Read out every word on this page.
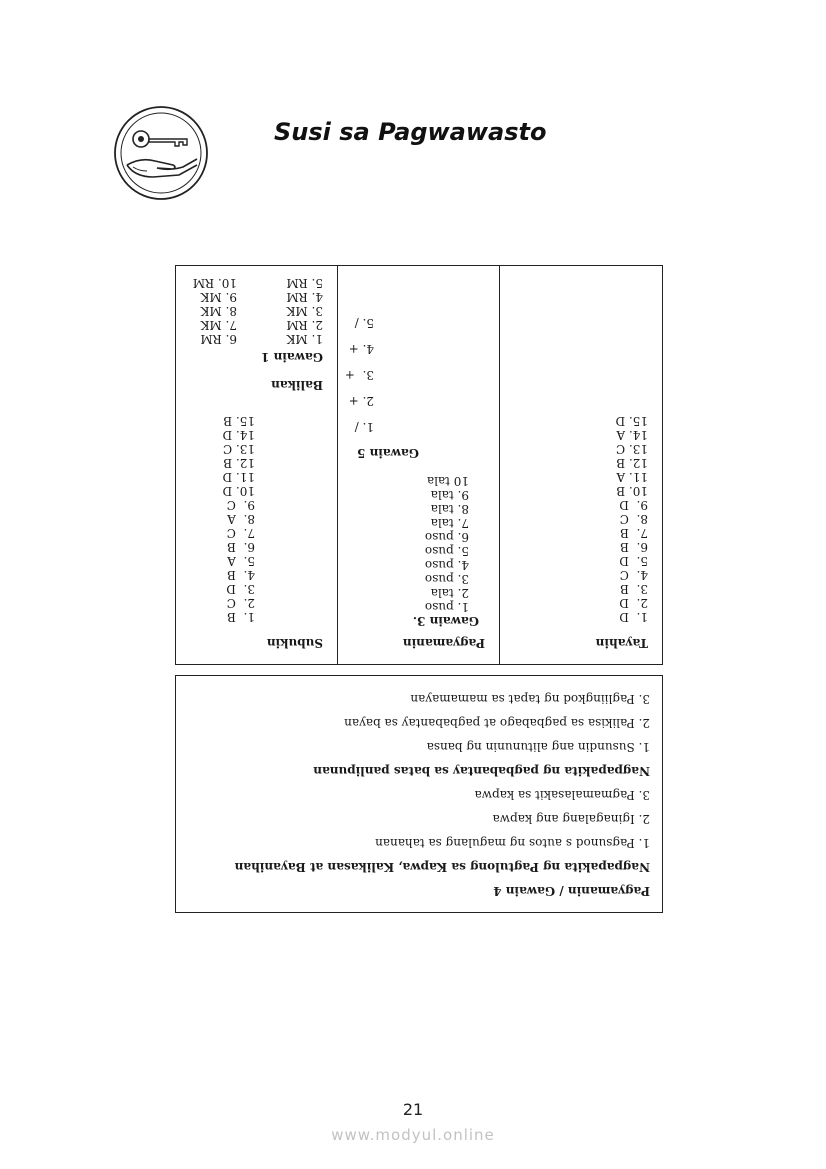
Susi sa Pagwawasto
Tayahin
1.  D
2.  D
3.  B
4.  C
5.  D
6.  B
7.  B
8.  C
9.  D
10. B
11. A
12. B
13. C
14. A
15. D
Pagyamanin
Gawain 3.
1. puso
2. tala
3. puso
4. puso
5. puso
6. puso
7. tala
8. tala
9. tala
10 tala
Gawain 5
1. /
2. +
3.  +
4. +
5. /
Subukin
1.  B
2.  C
3.  D
4.  B
5.  A
6.  B
7.  C
8.  A
9.  C
10. D
11. D
12. B
13. C
14. D
15. B
Balikan
Gawain 1
1. MK
2. RM
3. MK
4. RM
5. RM
6. RM
7. MK
8. MK
9. MK
10. RM
Pagyamanin / Gawain 4
Nagpapakita ng Pagtulong sa Kapwa, Kalikasan at Bayanihan
1. Pagsunod s autos ng magulang sa tahanan
2. Iginagalang ang kapwa
3. Pagmamalasakit sa kapwa
Nagpapakita ng pagbabantay sa batas panlipunan
1. Susundin ang alitununin ng bansa
2. Palikisa sa pagbabago at pagbabantay sa bayan
3. Pagliingkod ng tapat sa mamamayan
21
www.modyul.online
